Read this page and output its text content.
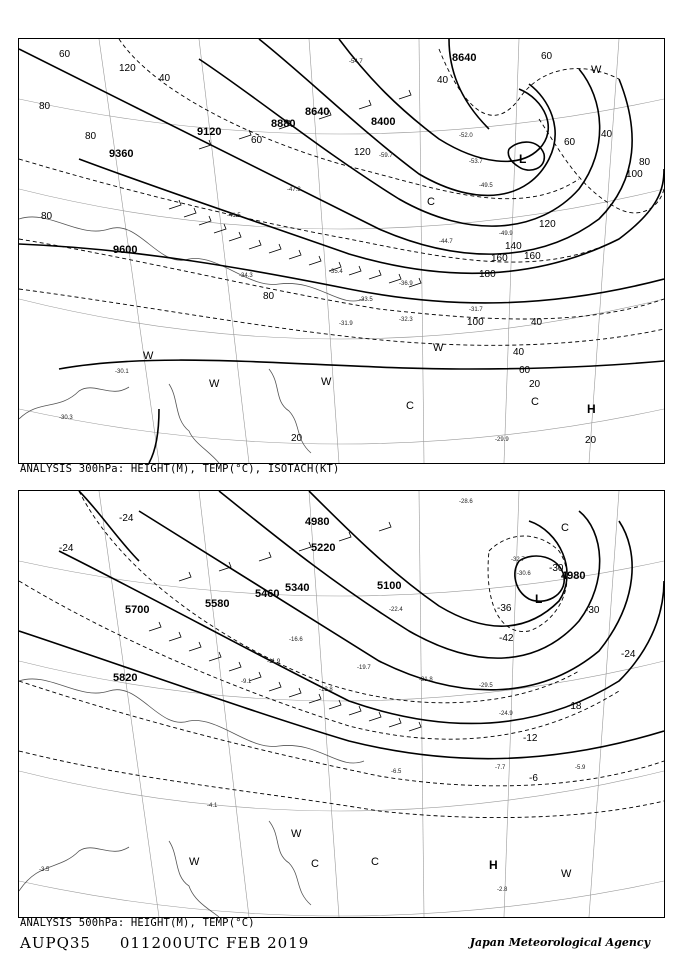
8640
8640
8400
8880
9120
9360
9600
120
40
80
80	60
60
40
60
40
80
100
120
120
140
160
180
160
100
40
60
40
20
20
80
80
60
20
L
C
C	H
C
W
W	W
W
W
-54.7
-52.0
-53.7
-49.5
-49.9
-44.7
-31.7
-32.3
-35.4
-31.9
-47.3
-34.3
-30.1
-30.3
-29.9
-36.9
-33.5
-59.7
-41.5
ANALYSIS 300hPa: HEIGHT(M), TEMP(°C), ISOTACH(KT)
4980
4980
5220
5340
5460
5580
5700
5100
5820
-24
-30
-36
-42
-30
-24
-18
-12
-6
-24
L
C
H
W
W
C	C
W
-32.7
-28.6
-22.4
-30.6
-6.5
-4.1
-7.7	-5.9
-2.8
-3.5
-19.7
-12.8
-11.9
-9.1
-16.6
-29.5
-21.8
-24.9
ANALYSIS 500hPa: HEIGHT(M), TEMP(°C)
AUPQ35 011200UTC FEB 2019	Japan Meteorological Agency
